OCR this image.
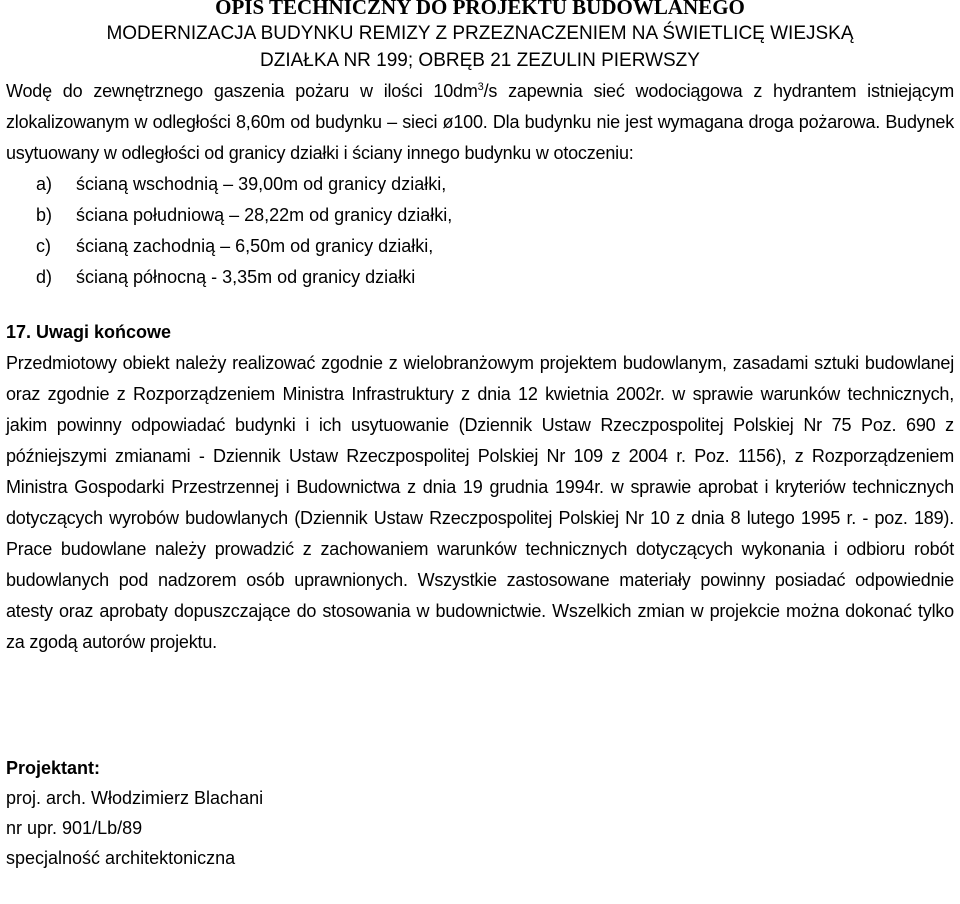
OPIS TECHNICZNY DO PROJEKTU BUDOWLANEGO
MODERNIZACJA BUDYNKU REMIZY Z PRZEZNACZENIEM NA ŚWIETLICĘ WIEJSKĄ
DZIAŁKA NR 199; OBRĘB 21 ZEZULIN PIERWSZY

Wodę do zewnętrznego gaszenia pożaru w ilości $10dm^3/s$ zapewnia sieć wodociągowa z hydrantem istniejącym zlokalizowanym w odległości 8,60m od budynku – sieci ø100. Dla budynku nie jest wymagana droga pożarowa. Budynek usytuowany w odległości od granicy działki i ściany innego budynku w otoczeniu:

a) ścianą wschodnią – 39,00m od granicy działki,
b) ściana południową – 28,22m od granicy działki,
c) ścianą zachodnią – 6,50m od granicy działki,
d) ścianą północną - 3,35m od granicy działki
17. Uwagi końcowe

Przedmiotowy obiekt należy realizować zgodnie z wielobranżowym projektem budowlanym, zasadami sztuki budowlanej oraz zgodnie z Rozporządzeniem Ministra Infrastruktury z dnia 12 kwietnia 2002r. w sprawie warunków technicznych, jakim powinny odpowiadać budynki i ich usytuowanie (Dziennik Ustaw Rzeczpospolitej Polskiej Nr 75 Poz. 690 z późniejszymi zmianami - Dziennik Ustaw Rzeczpospolitej Polskiej Nr 109 z 2004 r. Poz. 1156), z Rozporządzeniem Ministra Gospodarki Przestrzennej i Budownictwa z dnia 19 grudnia 1994r. w sprawie aprobat i kryteriów technicznych dotyczących wyrobów budowlanych (Dziennik Ustaw Rzeczpospolitej Polskiej Nr 10 z dnia 8 lutego 1995 r. - poz. 189). Prace budowlane należy prowadzić z zachowaniem warunków technicznych dotyczących wykonania i odbioru robót budowlanych pod nadzorem osób uprawnionych. Wszystkie zastosowane materiały powinny posiadać odpowiednie atesty oraz aprobaty dopuszczające do stosowania w budownictwie. Wszelkich zmian w projekcie można dokonać tylko za zgodą autorów projektu.

Projektant:
proj. arch. Włodzimierz Blachani
nr upr. 901/Lb/89
specjalność architektoniczna
